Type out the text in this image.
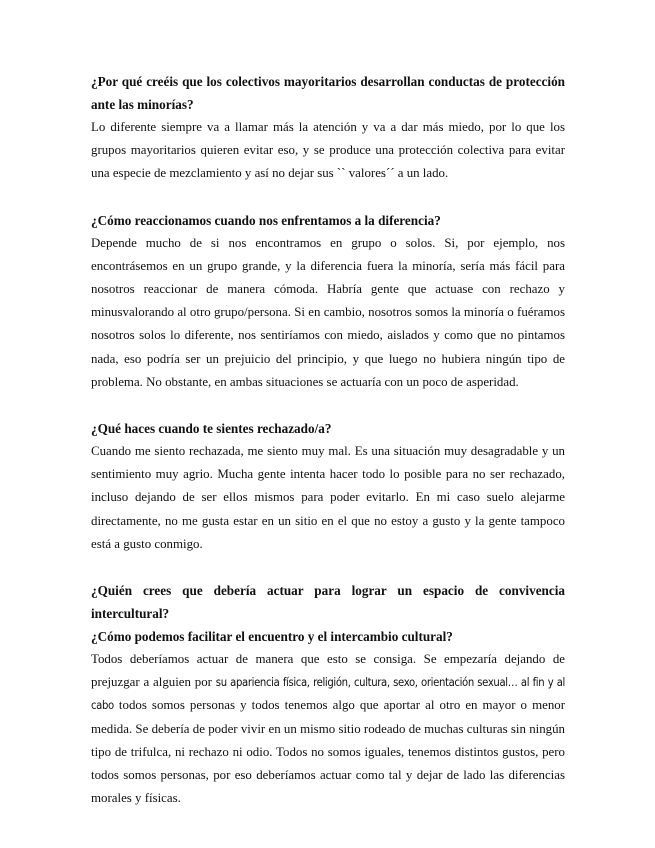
¿Por qué creéis que los colectivos mayoritarios desarrollan conductas de protección ante las minorías?

Lo diferente siempre va a llamar más la atención y va a dar más miedo, por lo que los grupos mayoritarios quieren evitar eso, y se produce una protección colectiva para evitar una especie de mezclamiento y así no dejar sus `` valores´´ a un lado.

¿Cómo reaccionamos cuando nos enfrentamos a la diferencia?

Depende mucho de si nos encontramos en grupo o solos. Si, por ejemplo, nos encontrásemos en un grupo grande, y la diferencia fuera la minoría, sería más fácil para nosotros reaccionar de manera cómoda. Habría gente que actuase con rechazo y minusvalorando al otro grupo/persona. Si en cambio, nosotros somos la minoría o fuéramos nosotros solos lo diferente, nos sentiríamos con miedo, aislados y como que no pintamos nada, eso podría ser un prejuicio del principio, y que luego no hubiera ningún tipo de problema. No obstante, en ambas situaciones se actuaría con un poco de asperidad.

¿Qué haces cuando te sientes rechazado/a?

Cuando me siento rechazada, me siento muy mal. Es una situación muy desagradable y un sentimiento muy agrio. Mucha gente intenta hacer todo lo posible para no ser rechazado, incluso dejando de ser ellos mismos para poder evitarlo. En mi caso suelo alejarme directamente, no me gusta estar en un sitio en el que no estoy a gusto y la gente tampoco está a gusto conmigo.

¿Quién crees que debería actuar para lograr un espacio de convivencia intercultural?

¿Cómo podemos facilitar el encuentro y el intercambio cultural?

Todos deberíamos actuar de manera que esto se consiga. Se empezaría dejando de prejuzgar a alguien por su apariencia física, religión, cultura, sexo, orientación sexual… al fin y al cabo todos somos personas y todos tenemos algo que aportar al otro en mayor o menor medida. Se debería de poder vivir en un mismo sitio rodeado de muchas culturas sin ningún tipo de trifulca, ni rechazo ni odio. Todos no somos iguales, tenemos distintos gustos, pero todos somos personas, por eso deberíamos actuar como tal y dejar de lado las diferencias morales y físicas.
